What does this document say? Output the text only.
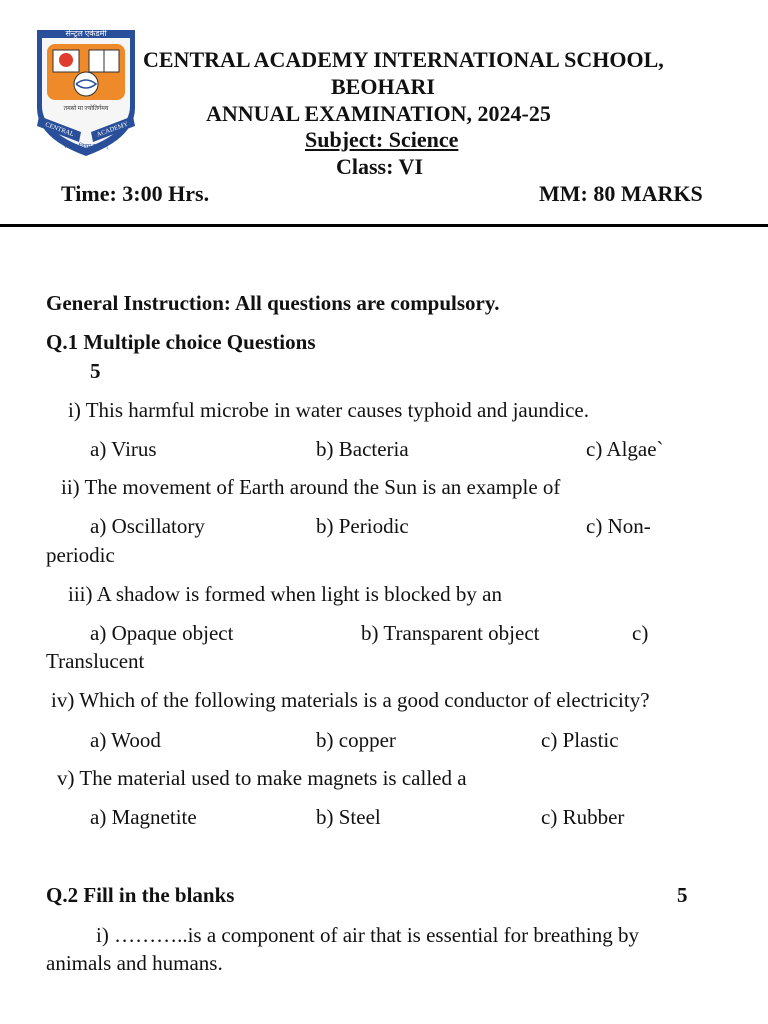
सेन्ट्रल एकेडमी
तमसो मा ज्योतिर्गमय
CENTRAL	ACADEMY
सत्यम् शिवम् सुन्दरम्
CENTRAL ACADEMY INTERNATIONAL SCHOOL,
BEOHARI
ANNUAL EXAMINATION, 2024-25
Subject: Science
Class: VI
Time: 3:00 Hrs.	MM: 80 MARKS
General Instruction: All questions are compulsory.
Q.1 Multiple choice Questions
5
i) This harmful microbe in water causes typhoid and jaundice.
a) Virus	b) Bacteria	c) Algae`
ii) The movement of Earth around the Sun is an example of
a) Oscillatory	b) Periodic	c) Non-
periodic
iii) A shadow is formed when light is blocked by an
a) Opaque object	b) Transparent object	c)
Translucent
iv) Which of the following materials is a good conductor of electricity?
a) Wood	b) copper	c) Plastic
v) The material used to make magnets is called a
a) Magnetite	b) Steel	c) Rubber
Q.2 Fill in the blanks	5
i) ………..is a component of air that is essential for breathing by
animals and humans.
